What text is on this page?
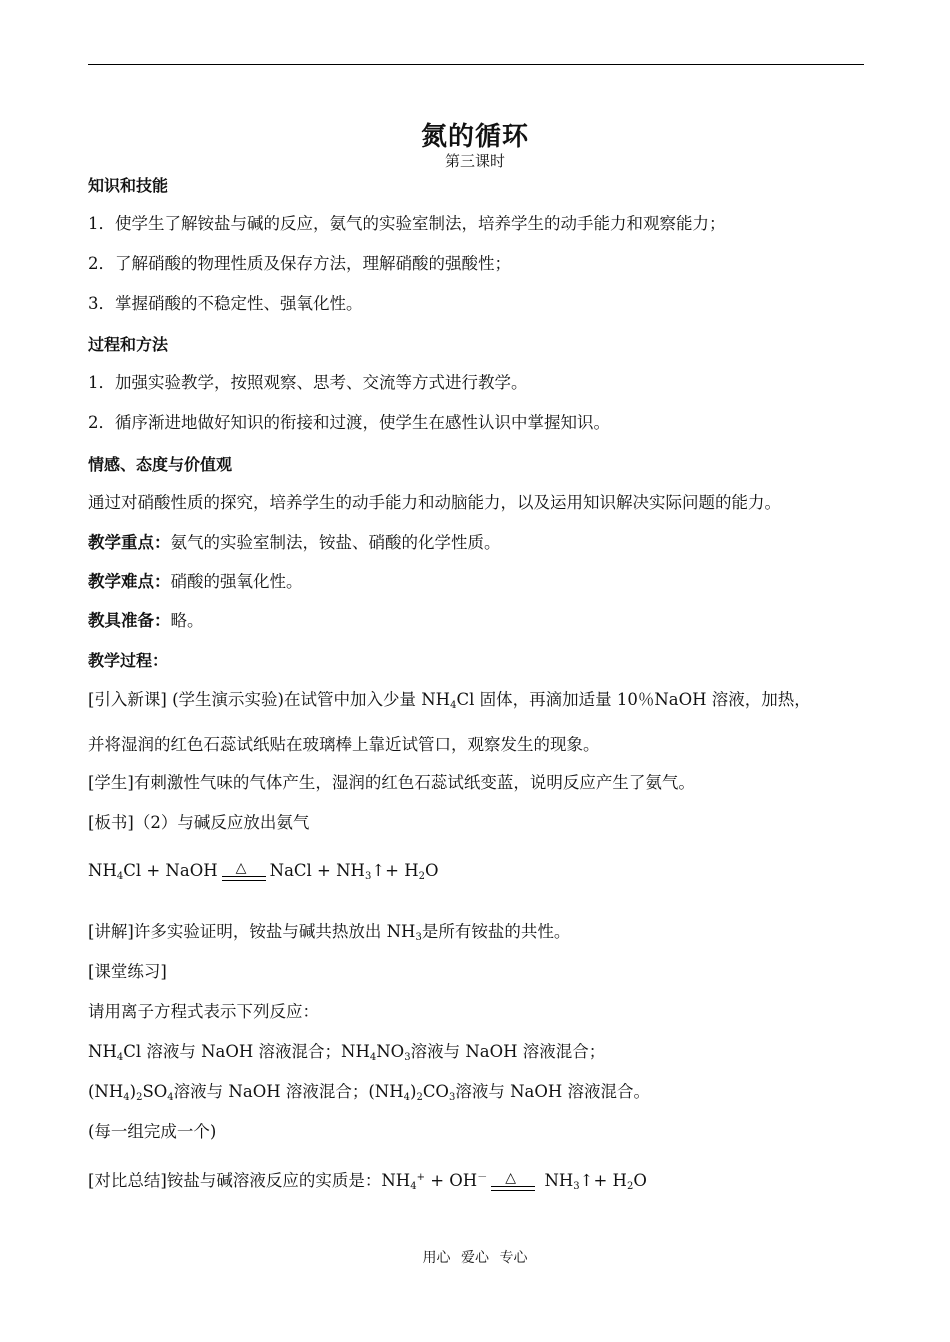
氮的循环
第三课时
知识和技能
1．使学生了解铵盐与碱的反应，氨气的实验室制法，培养学生的动手能力和观察能力；
2．了解硝酸的物理性质及保存方法，理解硝酸的强酸性；
3．掌握硝酸的不稳定性、强氧化性。
过程和方法
1．加强实验教学，按照观察、思考、交流等方式进行教学。
2．循序渐进地做好知识的衔接和过渡，使学生在感性认识中掌握知识。
情感、态度与价值观
通过对硝酸性质的探究，培养学生的动手能力和动脑能力，以及运用知识解决实际问题的能力。
教学重点：氨气的实验室制法，铵盐、硝酸的化学性质。
教学难点：硝酸的强氧化性。
教具准备：略。
教学过程：
[引入新课] (学生演示实验)在试管中加入少量 $NH_4Cl$ 固体，再滴加适量 10％NaOH 溶液，加热，
并将湿润的红色石蕊试纸贴在玻璃棒上靠近试管口，观察发生的现象。
[学生]有刺激性气味的气体产生，湿润的红色石蕊试纸变蓝，说明反应产生了氨气。
[板书]（2）与碱反应放出氨气
$NH_4Cl$ + NaOH △ NaCl + $NH_3↑+ H_2O$
[讲解]许多实验证明，铵盐与碱共热放出 $NH_3$是所有铵盐的共性。
[课堂练习]
请用离子方程式表示下列反应：
$NH_4Cl$ 溶液与 NaOH 溶液混合；$NH_4NO_3$溶液与 NaOH 溶液混合；
$(NH_4)_2SO_4$溶液与 NaOH 溶液混合；$(NH_4)_2CO_3$溶液与 NaOH 溶液混合。
(每一组完成一个)
[对比总结]铵盐与碱溶液反应的实质是：$NH_4^+ + OH^-$ △ $NH_3↑+ H_2O$
用心 爱心 专心
